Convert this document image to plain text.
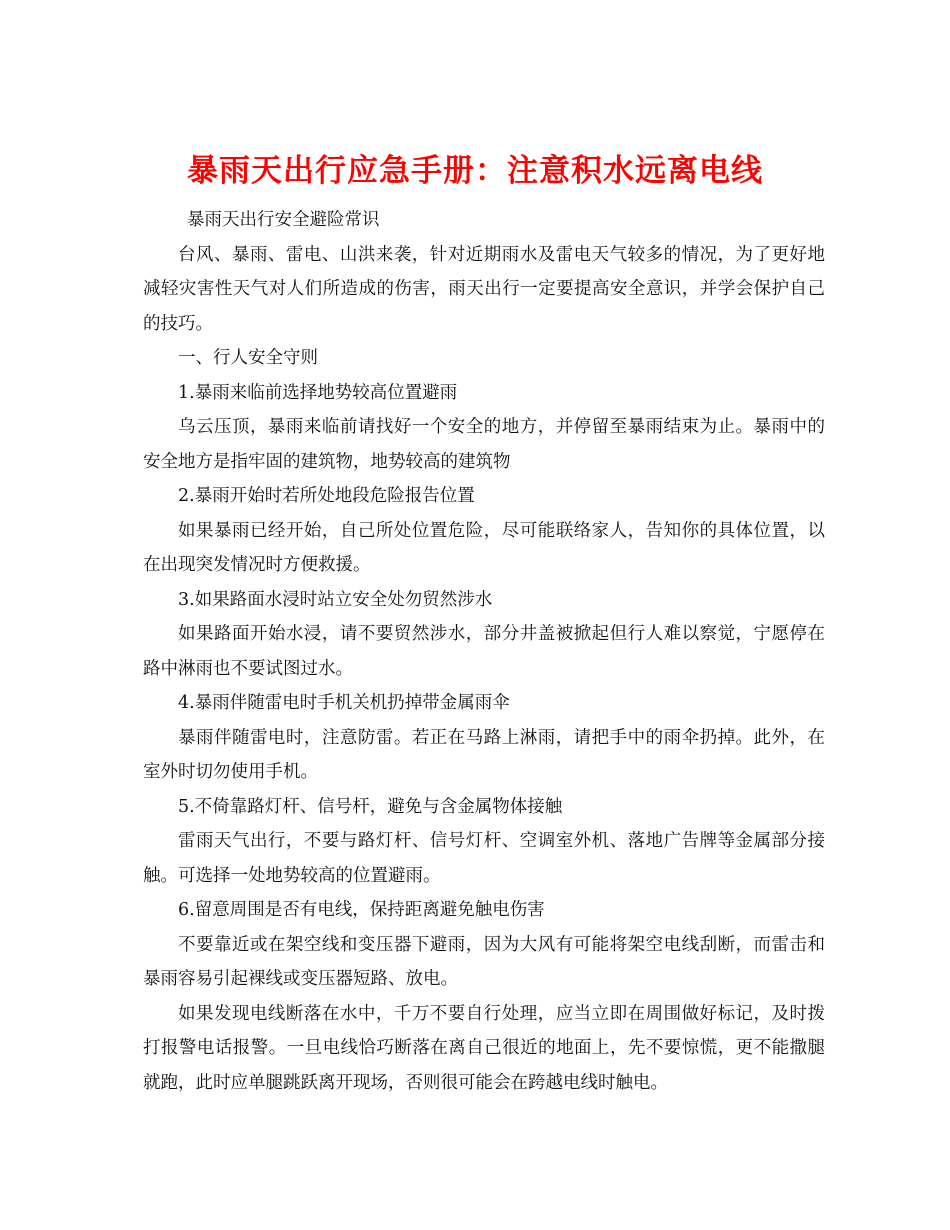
暴雨天出行应急手册：注意积水远离电线

暴雨天出行安全避险常识

台风、暴雨、雷电、山洪来袭，针对近期雨水及雷电天气较多的情况，为了更好地减轻灾害性天气对人们所造成的伤害，雨天出行一定要提高安全意识，并学会保护自己的技巧。

一、行人安全守则

1.暴雨来临前选择地势较高位置避雨

乌云压顶，暴雨来临前请找好一个安全的地方，并停留至暴雨结束为止。暴雨中的安全地方是指牢固的建筑物，地势较高的建筑物

2.暴雨开始时若所处地段危险报告位置

如果暴雨已经开始，自己所处位置危险，尽可能联络家人，告知你的具体位置，以在出现突发情况时方便救援。

3.如果路面水浸时站立安全处勿贸然涉水

如果路面开始水浸，请不要贸然涉水，部分井盖被掀起但行人难以察觉，宁愿停在路中淋雨也不要试图过水。

4.暴雨伴随雷电时手机关机扔掉带金属雨伞

暴雨伴随雷电时，注意防雷。若正在马路上淋雨，请把手中的雨伞扔掉。此外，在室外时切勿使用手机。

5.不倚靠路灯杆、信号杆，避免与含金属物体接触

雷雨天气出行，不要与路灯杆、信号灯杆、空调室外机、落地广告牌等金属部分接触。可选择一处地势较高的位置避雨。

6.留意周围是否有电线，保持距离避免触电伤害

不要靠近或在架空线和变压器下避雨，因为大风有可能将架空电线刮断，而雷击和暴雨容易引起裸线或变压器短路、放电。

如果发现电线断落在水中，千万不要自行处理，应当立即在周围做好标记，及时拨打报警电话报警。一旦电线恰巧断落在离自己很近的地面上，先不要惊慌，更不能撒腿就跑，此时应单腿跳跃离开现场，否则很可能会在跨越电线时触电。
